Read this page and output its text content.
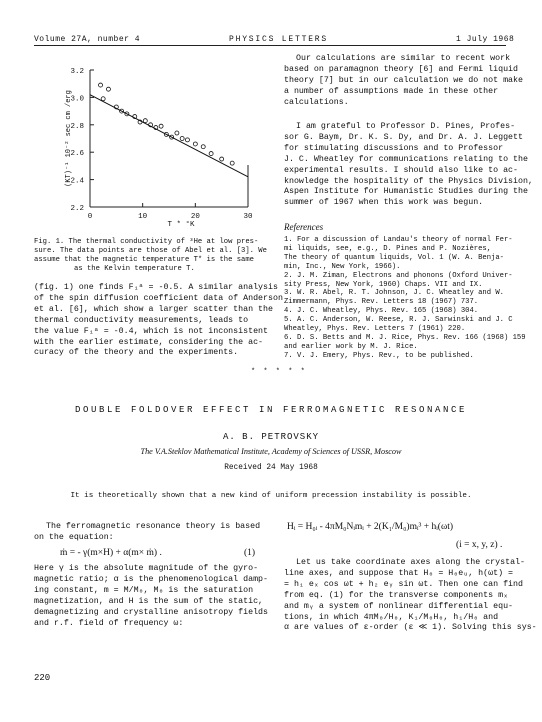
Volume 27A, number 4	PHYSICS LETTERS	1 July 1968
2.2
2.4
2.6
2.8
3.0
3.2
0	10	20	30
T * °K
(KT)⁻¹ 10⁻² sec cm /erg
Fig. 1. The thermal conductivity of ³He at low pres-
sure. The data points are those of Abel et al. [3]. We
assume that the magnetic temperature T* is the same
as the Kelvin temperature T.
(fig. 1) one finds F₁ᵃ = -0.5. A similar analysis
of the spin diffusion coefficient data of Anderson
et al. [6], which show a larger scatter than the
thermal conductivity measurements, leads to
the value F₁ᵃ = -0.4, which is not inconsistent
with the earlier estimate, considering the ac-
curacy of the theory and the experiments.
Our calculations are similar to recent work
based on paramagnon theory [6] and Fermi liquid
theory [7] but in our calculation we do not make
a number of assumptions made in these other
calculations.
I am grateful to Professor D. Pines, Profes-
sor G. Baym, Dr. K. S. Dy, and Dr. A. J. Leggett
for stimulating discussions and to Professor
J. C. Wheatley for communications relating to the
experimental results. I should also like to ac-
knowledge the hospitality of the Physics Division,
Aspen Institute for Humanistic Studies during the
summer of 1967 when this work was begun.
References
1. For a discussion of Landau's theory of normal Fer-
mi liquids, see, e.g., D. Pines and P. Nozières,
The theory of quantum liquids, Vol. 1 (W. A. Benja-
min, Inc., New York, 1966).
2. J. M. Ziman, Electrons and phonons (Oxford Univer-
sity Press, New York, 1960) Chaps. VII and IX.
3. W. R. Abel, R. T. Johnson, J. C. Wheatley and W.
Zimmermann, Phys. Rev. Letters 18 (1967) 737.
4. J. C. Wheatley, Phys. Rev. 165 (1968) 304.
5. A. C. Anderson, W. Reese, R. J. Sarwinski and J. C
Wheatley, Phys. Rev. Letters 7 (1961) 220.
6. D. S. Betts and M. J. Rice, Phys. Rev. 166 (1968) 159
and earlier work by M. J. Rice.
7. V. J. Emery, Phys. Rev., to be published.
* * * * *
DOUBLE FOLDOVER EFFECT IN FERROMAGNETIC RESONANCE
A. B. PETROVSKY
The V.A.Steklov Mathematical Institute, Academy of Sciences of USSR, Moscow
Received 24 May 1968
It is theoretically shown that a new kind of uniform precession instability is possible.
The ferromagnetic resonance theory is based
on the equation:
ṁ = - γ(m×H) + α(m× ṁ) .	(1)
Here γ is the absolute magnitude of the gyro-
magnetic ratio; α is the phenomenological damp-
ing constant, m = M/M₀, M₀ is the saturation
magnetization, and H is the sum of the static,
demagnetizing and crystalline anisotropy fields
and r.f. field of frequency ω:
Hᵢ = H₀ᵢ - 4πM₀Nᵢmᵢ + 2(K₁/M₀)mᵢ³ + hᵢ(ωt)
(i = x, y, z) .
Let us take coordinate axes along the crystal-
line axes, and suppose that H₀ = H₀eᵤ, h(ωt) =
= h₁ eₓ cos ωt + h₂ eᵧ sin ωt. Then one can find
from eq. (1) for the transverse components mₓ
and mᵧ a system of nonlinear differential equ-
tions, in which 4πM₀/H₀, K₁/M₀H₀, h₁/H₀ and
α are values of ε-order (ε ≪ 1). Solving this sys-
220
